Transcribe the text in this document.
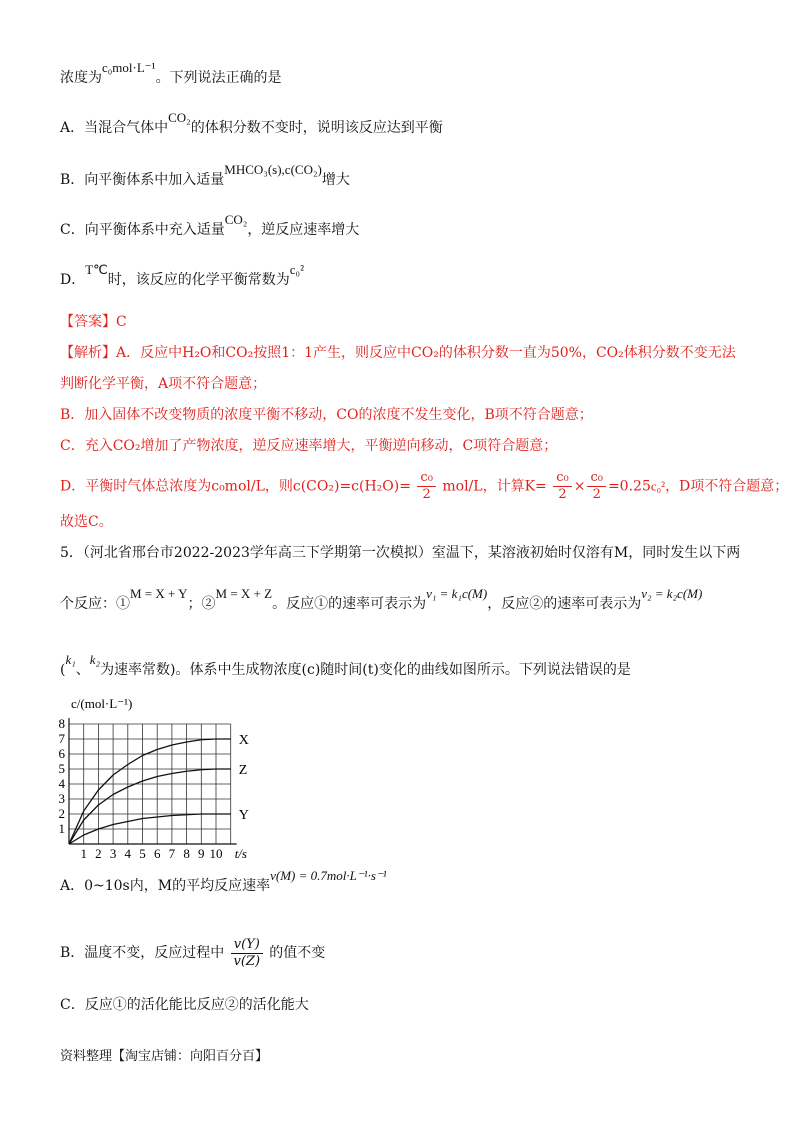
浓度为c₀mol·L⁻¹。下列说法正确的是
A．当混合气体中CO₂的体积分数不变时，说明该反应达到平衡
B．向平衡体系中加入适量MHCO₃(s),c(CO₂)增大
C．向平衡体系中充入适量CO₂，逆反应速率增大
D．T℃时，该反应的化学平衡常数为c₀²
【答案】C
【解析】A．反应中H₂O和CO₂按照1：1产生，则反应中CO₂的体积分数一直为50%，CO₂体积分数不变无法
判断化学平衡，A项不符合题意；
B．加入固体不改变物质的浓度平衡不移动，CO的浓度不发生变化，B项不符合题意；
C．充入CO₂增加了产物浓度，逆反应速率增大，平衡逆向移动，C项符合题意；
D．平衡时气体总浓度为c₀mol/L，则$c(CO_2)=c(H_2O)= \frac{\text{c₀}}{2} mol/L$，计算$K= \frac{\text{c₀}}{2} \times \frac{\text{c₀}}{2} =0.25c_0^2$，D项不符合题意；
故选C。
5．（河北省邢台市2022-2023学年高三下学期第一次模拟）室温下，某溶液初始时仅溶有M，同时发生以下两
个反应：①M = X + Y；②M = X + Z。反应①的速率可表示为v₁ = k₁c(M)，反应②的速率可表示为v₂ = k₂c(M)
(k₁、k₂为速率常数)。体系中生成物浓度(c)随时间(t)变化的曲线如图所示。下列说法错误的是
1 2 3 4 5 6 7 8 9 10
1
2
3
4
5
6
7
8
c/(mol·L⁻¹)
t/s
X
Z
Y
A．0~10s内，M的平均反应速率v(M) = 0.7mol·L⁻¹·s⁻¹
B．温度不变，反应过程中 $\frac{v(Y)}{v(Z)}$ 的值不变
C．反应①的活化能比反应②的活化能大
资料整理【淘宝店铺：向阳百分百】
